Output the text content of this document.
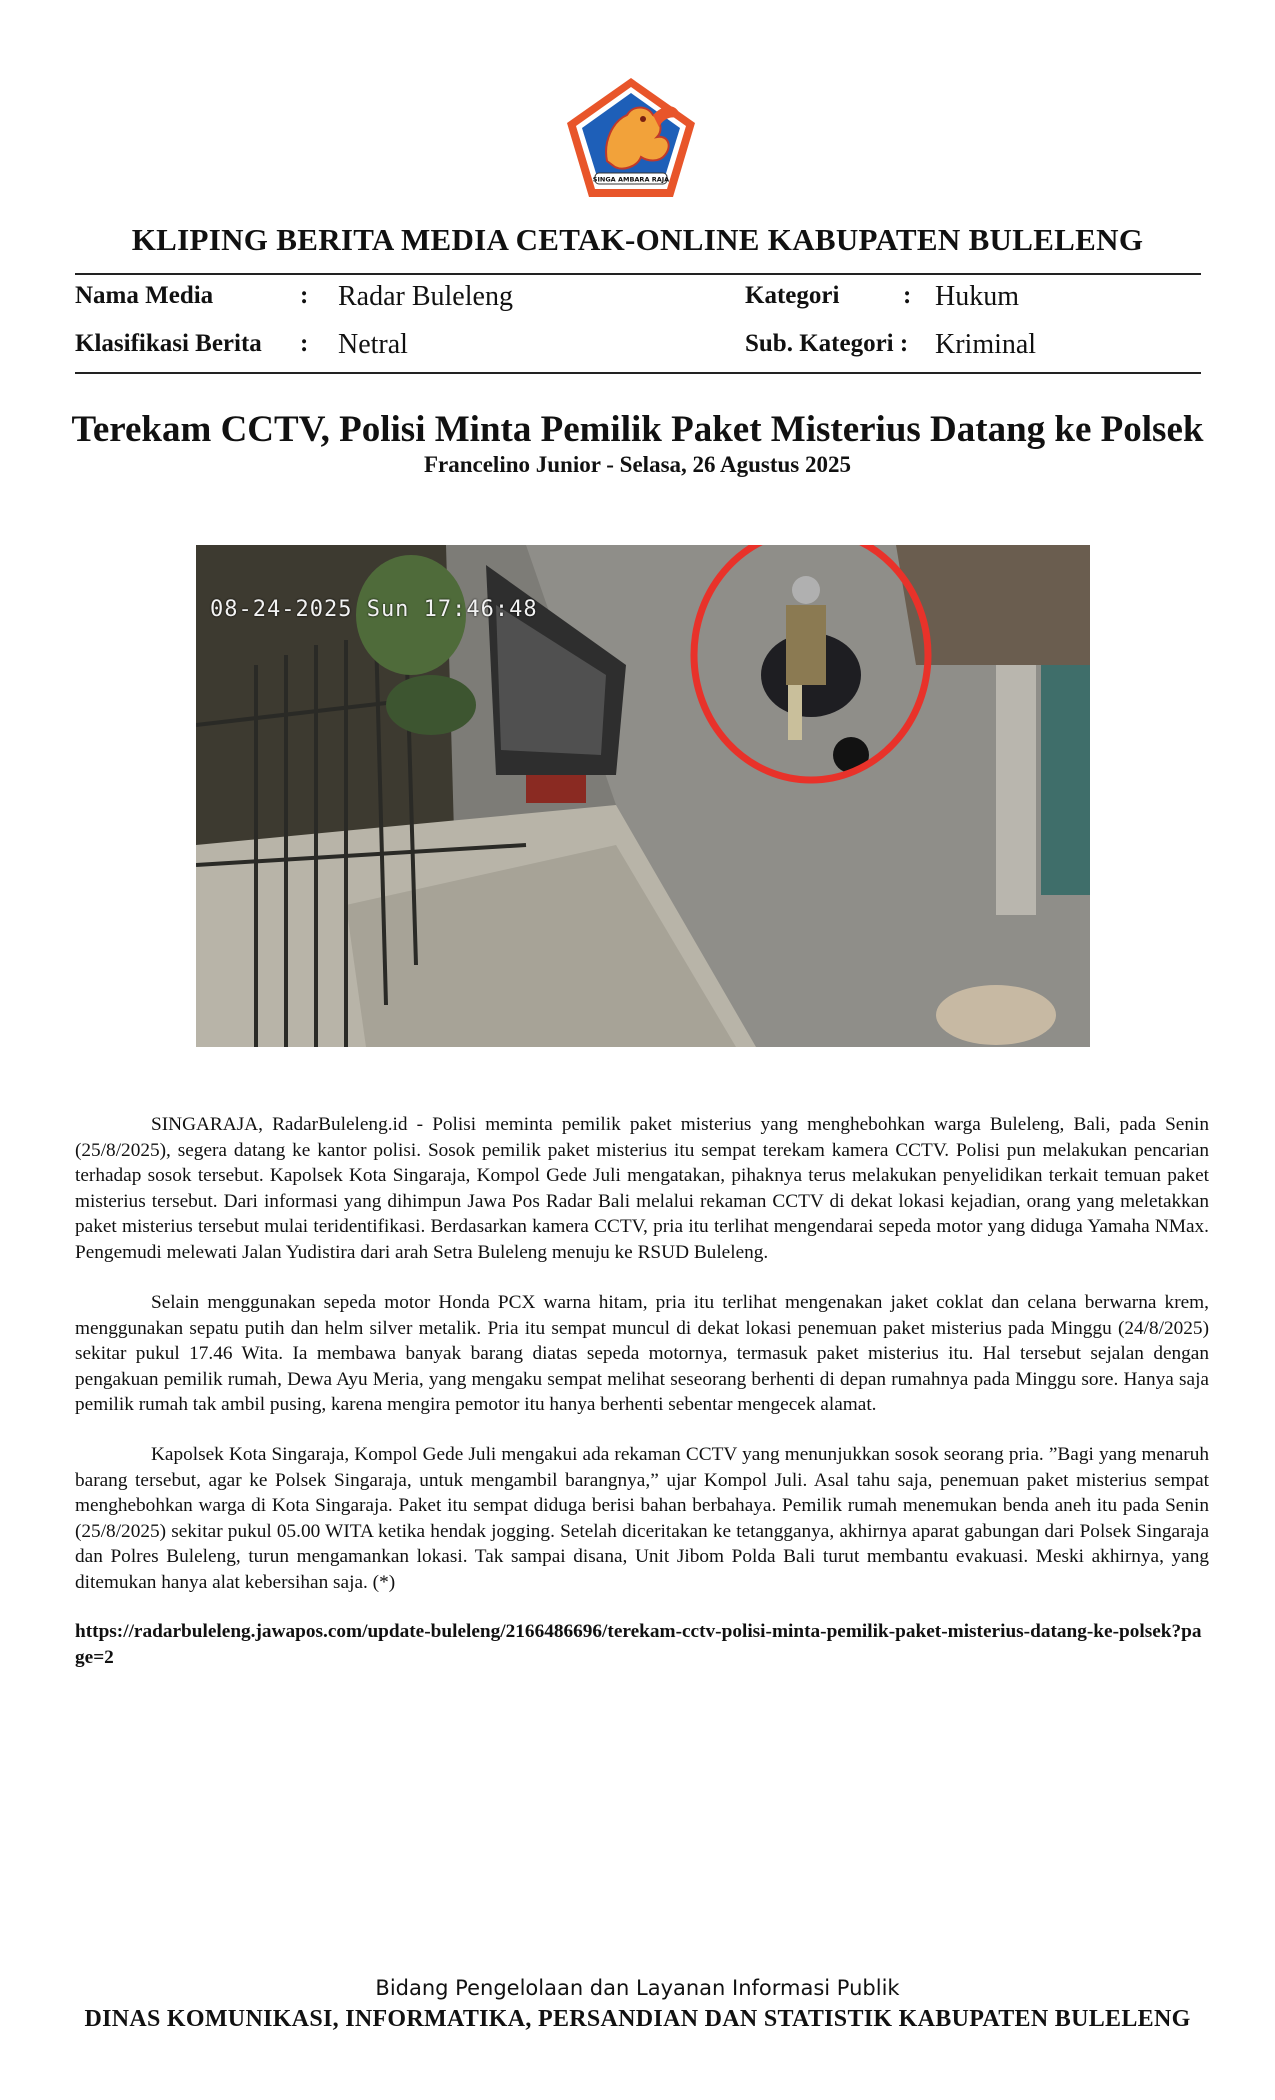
SINGA AMBARA RAJA
KLIPING BERITA MEDIA CETAK-ONLINE KABUPATEN BULELENG
Nama Media	: Radar Buleleng	Kategori	: Hukum
Klasifikasi Berita : Netral	Sub. Kategori : Kriminal
Terekam CCTV, Polisi Minta Pemilik Paket Misterius Datang ke Polsek
Francelino Junior - Selasa, 26 Agustus 2025
08-24-2025 Sun 17:46:48

SINGARAJA, RadarBuleleng.id - Polisi meminta pemilik paket misterius yang menghebohkan warga Buleleng, Bali, pada Senin (25/8/2025), segera datang ke kantor polisi. Sosok pemilik paket misterius itu sempat terekam kamera CCTV. Polisi pun melakukan pencarian terhadap sosok tersebut. Kapolsek Kota Singaraja, Kompol Gede Juli mengatakan, pihaknya terus melakukan penyelidikan terkait temuan paket misterius tersebut. Dari informasi yang dihimpun Jawa Pos Radar Bali melalui rekaman CCTV di dekat lokasi kejadian, orang yang meletakkan paket misterius tersebut mulai teridentifikasi. Berdasarkan kamera CCTV, pria itu terlihat mengendarai sepeda motor yang diduga Yamaha NMax. Pengemudi melewati Jalan Yudistira dari arah Setra Buleleng menuju ke RSUD Buleleng.

Selain menggunakan sepeda motor Honda PCX warna hitam, pria itu terlihat mengenakan jaket coklat dan celana berwarna krem, menggunakan sepatu putih dan helm silver metalik. Pria itu sempat muncul di dekat lokasi penemuan paket misterius pada Minggu (24/8/2025) sekitar pukul 17.46 Wita. Ia membawa banyak barang diatas sepeda motornya, termasuk paket misterius itu. Hal tersebut sejalan dengan pengakuan pemilik rumah, Dewa Ayu Meria, yang mengaku sempat melihat seseorang berhenti di depan rumahnya pada Minggu sore. Hanya saja pemilik rumah tak ambil pusing, karena mengira pemotor itu hanya berhenti sebentar mengecek alamat.

Kapolsek Kota Singaraja, Kompol Gede Juli mengakui ada rekaman CCTV yang menunjukkan sosok seorang pria. ”Bagi yang menaruh barang tersebut, agar ke Polsek Singaraja, untuk mengambil barangnya,” ujar Kompol Juli. Asal tahu saja, penemuan paket misterius sempat menghebohkan warga di Kota Singaraja. Paket itu sempat diduga berisi bahan berbahaya. Pemilik rumah menemukan benda aneh itu pada Senin (25/8/2025) sekitar pukul 05.00 WITA ketika hendak jogging. Setelah diceritakan ke tetangganya, akhirnya aparat gabungan dari Polsek Singaraja dan Polres Buleleng, turun mengamankan lokasi. Tak sampai disana, Unit Jibom Polda Bali turut membantu evakuasi. Meski akhirnya, yang ditemukan hanya alat kebersihan saja. (*)

https://radarbuleleng.jawapos.com/update-buleleng/2166486696/terekam-cctv-polisi-minta-pemilik-paket-misterius-datang-ke-polsek?page=2

Bidang Pengelolaan dan Layanan Informasi Publik
DINAS KOMUNIKASI, INFORMATIKA, PERSANDIAN DAN STATISTIK KABUPATEN BULELENG
